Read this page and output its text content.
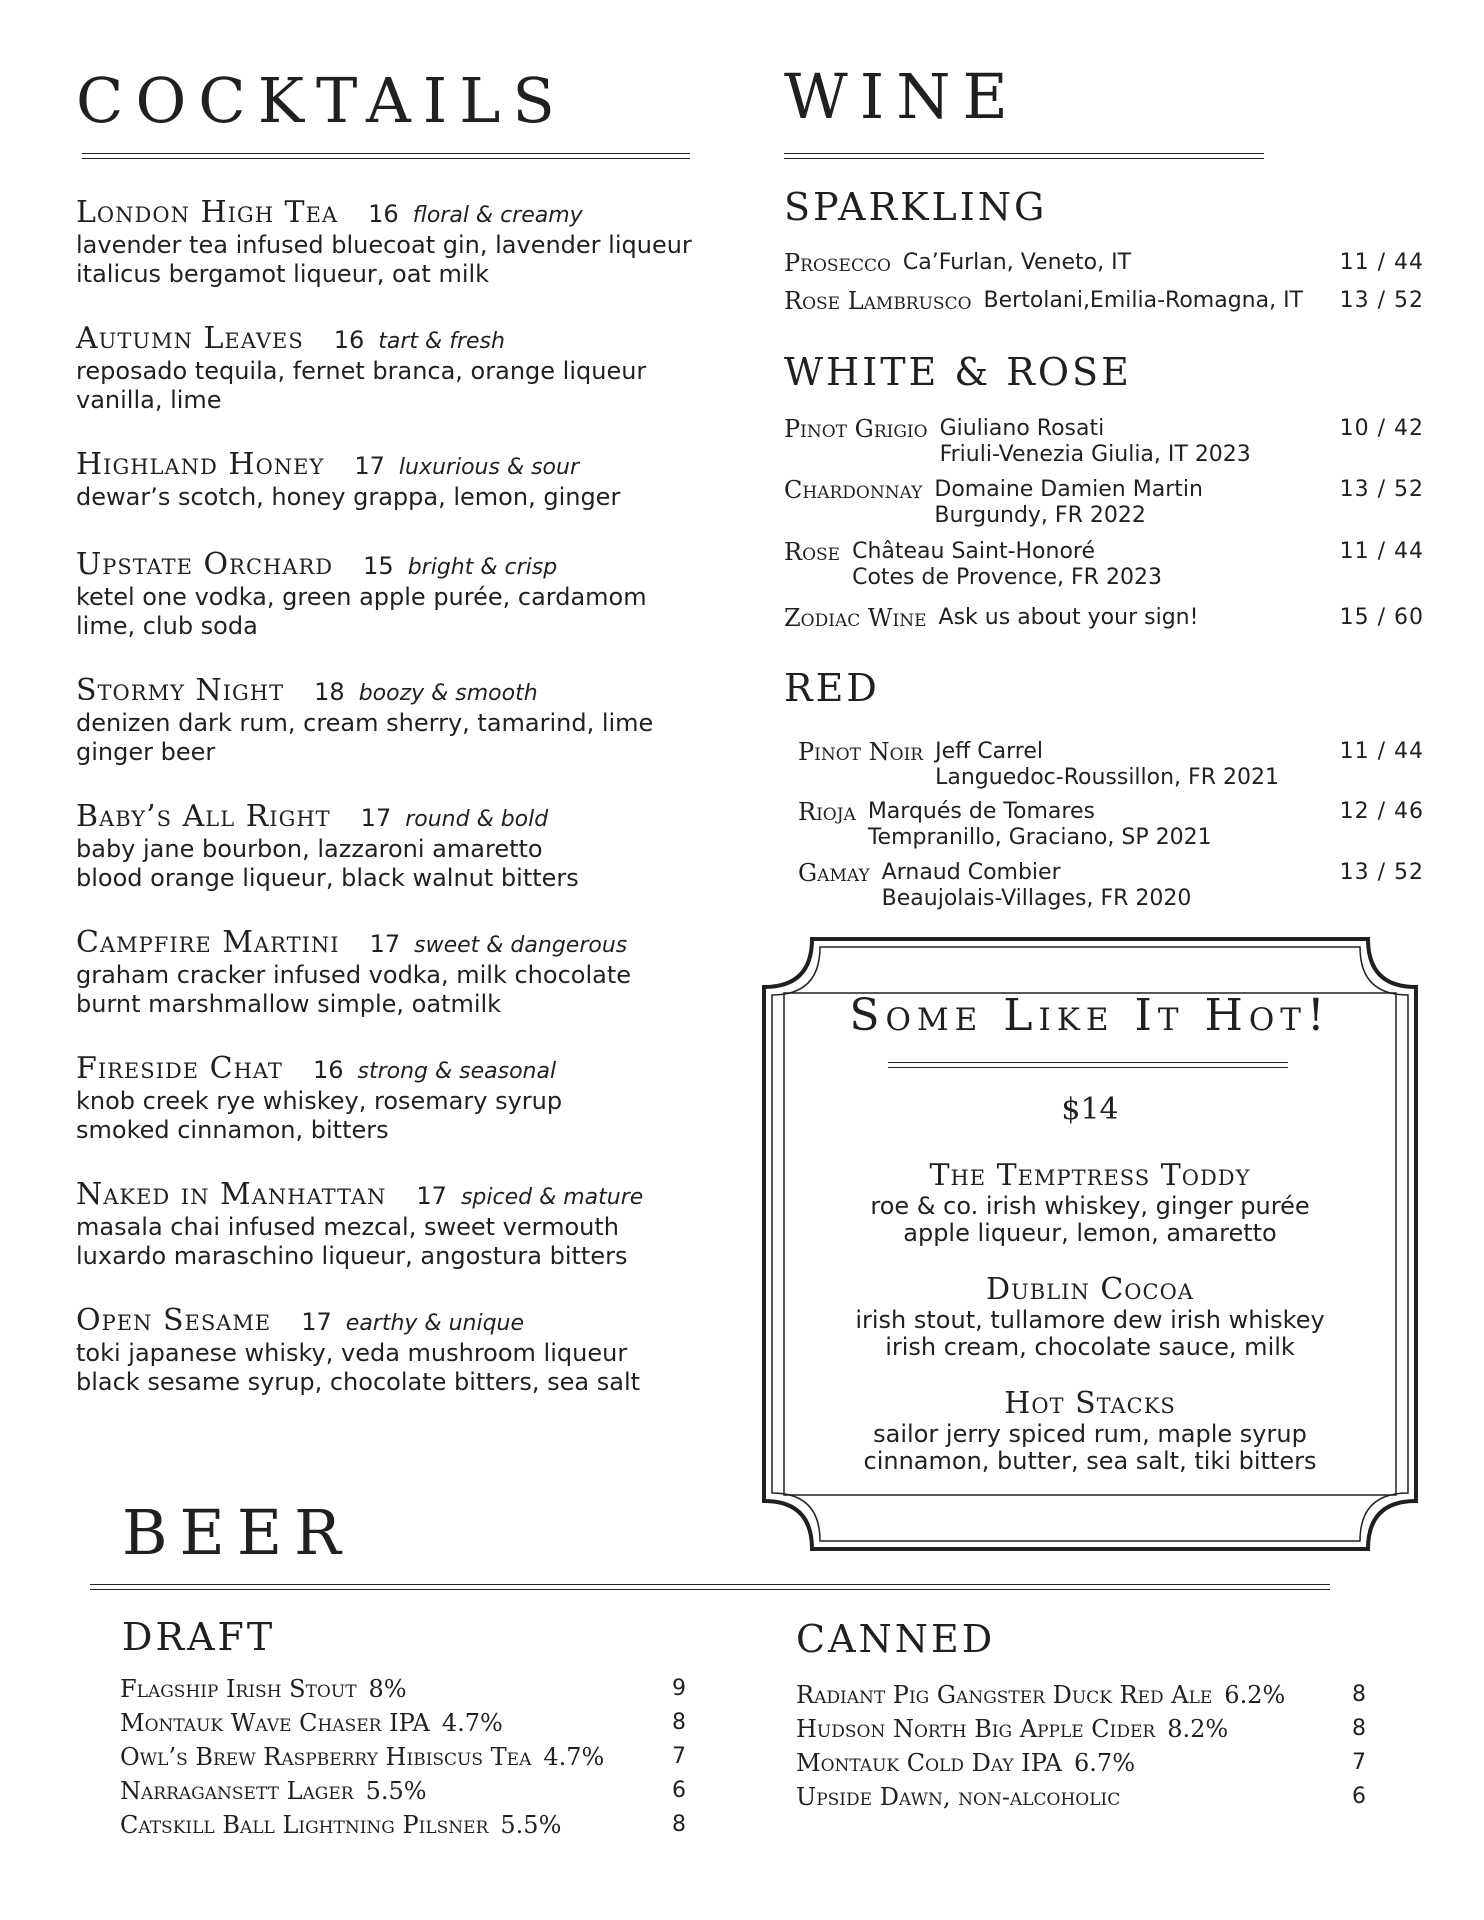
COCKTAILS
London High Tea 16 floral & creamy
lavender tea infused bluecoat gin, lavender liqueur
italicus bergamot liqueur, oat milk
Autumn Leaves 16 tart & fresh
reposado tequila, fernet branca, orange liqueur
vanilla, lime
Highland Honey 17 luxurious & sour
dewar’s scotch, honey grappa, lemon, ginger
Upstate Orchard 15 bright & crisp
ketel one vodka, green apple purée, cardamom
lime, club soda
Stormy Night 18 boozy & smooth
denizen dark rum, cream sherry, tamarind, lime
ginger beer
Baby’s All Right 17 round & bold
baby jane bourbon, lazzaroni amaretto
blood orange liqueur, black walnut bitters
Campfire Martini 17 sweet & dangerous
graham cracker infused vodka, milk chocolate
burnt marshmallow simple, oatmilk
Fireside Chat 16 strong & seasonal
knob creek rye whiskey, rosemary syrup
smoked cinnamon, bitters
Naked in Manhattan 17 spiced & mature
masala chai infused mezcal, sweet vermouth
luxardo maraschino liqueur, angostura bitters
Open Sesame 17 earthy & unique
toki japanese whisky, veda mushroom liqueur
black sesame syrup, chocolate bitters, sea salt
WINE
SPARKLING
Prosecco Ca’Furlan, Veneto, IT	11 / 44
Rose Lambrusco Bertolani,Emilia-Romagna, IT 13 / 52
WHITE & ROSE
Pinot Grigio Giuliano Rosati
Friuli-Venezia Giulia, IT 2023
10 / 42
Chardonnay Domaine Damien Martin
Burgundy, FR 2022
13 / 52
Rose Château Saint-Honoré
Cotes de Provence, FR 2023
11 / 44
Zodiac Wine Ask us about your sign!	15 / 60
RED
Pinot Noir Jeff Carrel
Languedoc-Roussillon, FR 2021
11 / 44
Rioja Marqués de Tomares
Tempranillo, Graciano, SP 2021
12 / 46
Gamay Arnaud Combier
Beaujolais-Villages, FR 2020
13 / 52
Some Like It Hot!
$14
The Temptress Toddy
roe & co. irish whiskey, ginger purée
apple liqueur, lemon, amaretto
Dublin Cocoa
irish stout, tullamore dew irish whiskey
irish cream, chocolate sauce, milk
Hot Stacks
sailor jerry spiced rum, maple syrup
cinnamon, butter, sea salt, tiki bitters
BEER
DRAFT
Flagship Irish Stout 8%	9
Montauk Wave Chaser IPA 4.7%	8
Owl’s Brew Raspberry Hibiscus Tea 4.7%	7
Narragansett Lager 5.5%	6
Catskill Ball Lightning Pilsner 5.5%	8
CANNED
Radiant Pig Gangster Duck Red Ale 6.2%	8
Hudson North Big Apple Cider 8.2%	8
Montauk Cold Day IPA 6.7%	7
Upside Dawn, non-alcoholic	6
